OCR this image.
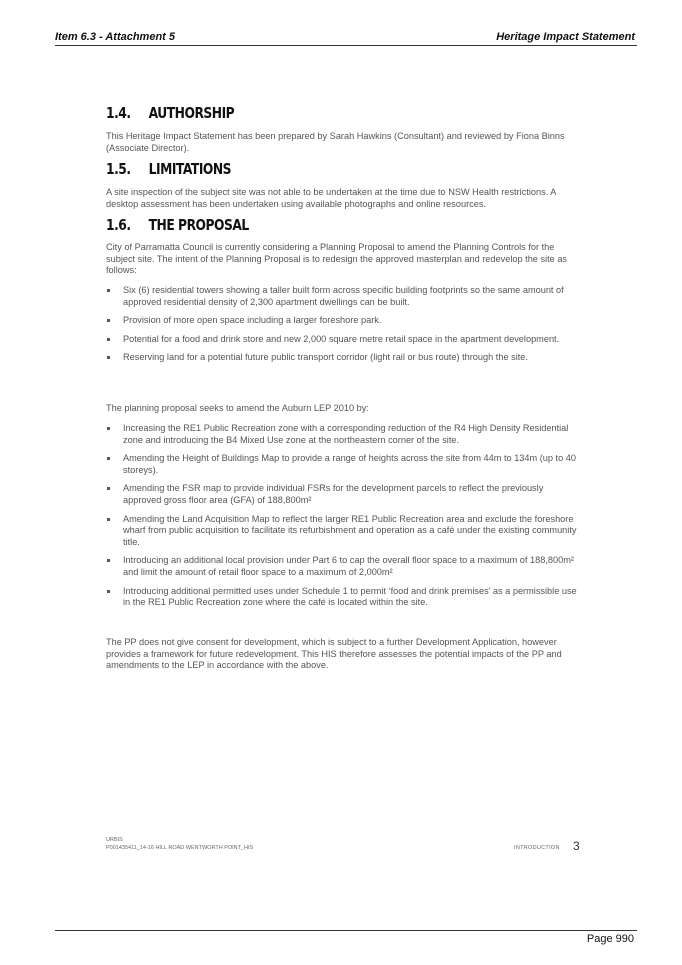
Item 6.3 - Attachment 5	Heritage Impact Statement
1.4. AUTHORSHIP

This Heritage Impact Statement has been prepared by Sarah Hawkins (Consultant) and reviewed by Fiona Binns (Associate Director).

1.5. LIMITATIONS

A site inspection of the subject site was not able to be undertaken at the time due to NSW Health restrictions. A desktop assessment has been undertaken using available photographs and online resources.

1.6. THE PROPOSAL

City of Parramatta Council is currently considering a Planning Proposal to amend the Planning Controls for the subject site. The intent of the Planning Proposal is to redesign the approved masterplan and redevelop the site as follows:

Six (6) residential towers showing a taller built form across specific building footprints so the same amount of approved residential density of 2,300 apartment dwellings can be built.
Provision of more open space including a larger foreshore park.
Potential for a food and drink store and new 2,000 square metre retail space in the apartment development.
Reserving land for a potential future public transport corridor (light rail or bus route) through the site.

The planning proposal seeks to amend the Auburn LEP 2010 by:

Increasing the RE1 Public Recreation zone with a corresponding reduction of the R4 High Density Residential zone and introducing the B4 Mixed Use zone at the northeastern corner of the site.
Amending the Height of Buildings Map to provide a range of heights across the site from 44m to 134m (up to 40 storeys).
Amending the FSR map to provide individual FSRs for the development parcels to reflect the previously approved gross floor area (GFA) of 188,800m²
Amending the Land Acquisition Map to reflect the larger RE1 Public Recreation area and exclude the foreshore wharf from public acquisition to facilitate its refurbishment and operation as a café under the existing community title.
Introducing an additional local provision under Part 6 to cap the overall floor space to a maximum of 188,800m² and limit the amount of retail floor space to a maximum of 2,000m²
Introducing additional permitted uses under Schedule 1 to permit ‘food and drink premises’ as a permissible use in the RE1 Public Recreation zone where the café is located within the site.

The PP does not give consent for development, which is subject to a further Development Application, however provides a framework for future redevelopment. This HIS therefore assesses the potential impacts of the PP and amendments to the LEP in accordance with the above.

URBIS
P0014354​11_14-16 HILL ROAD WENTWORTH POINT_HIS	INTRODUCTION 3
Page 990
